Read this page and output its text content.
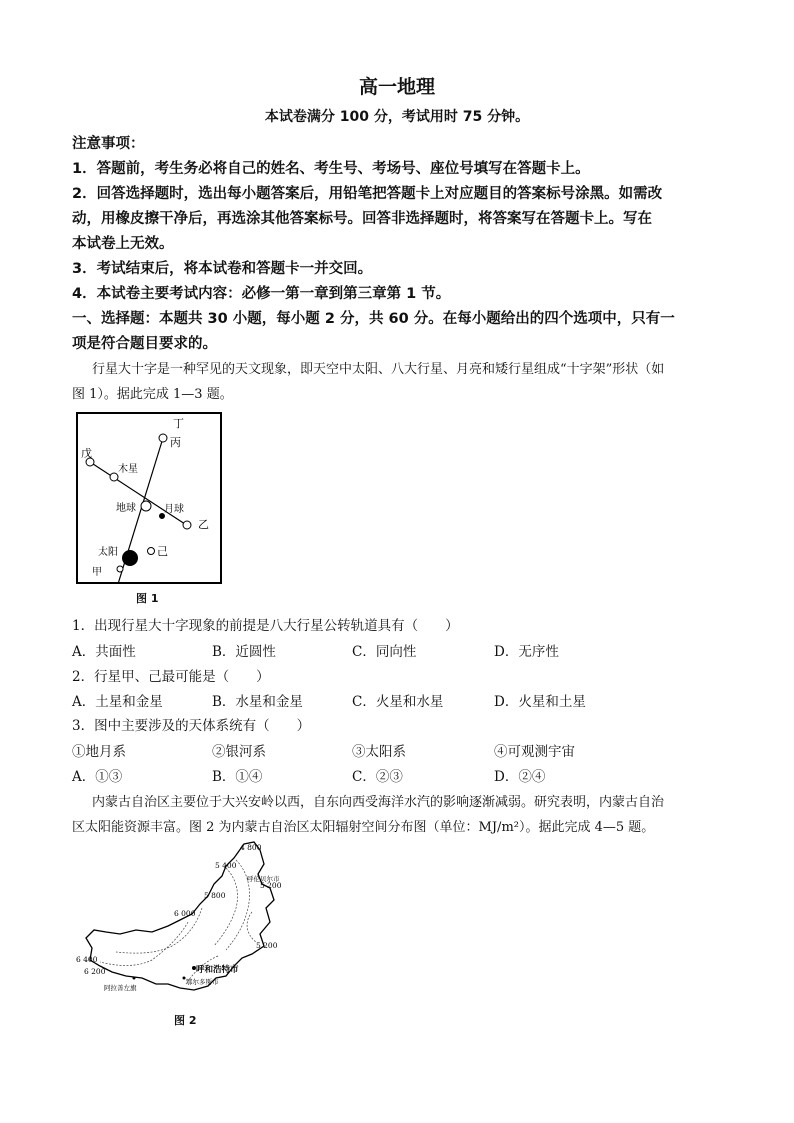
高一地理
本试卷满分 100 分，考试用时 75 分钟。
注意事项：
1．答题前，考生务必将自己的姓名、考生号、考场号、座位号填写在答题卡上。
2．回答选择题时，选出每小题答案后，用铅笔把答题卡上对应题目的答案标号涂黑。如需改
动，用橡皮擦干净后，再选涂其他答案标号。回答非选择题时，将答案写在答题卡上。写在
本试卷上无效。
3．考试结束后，将本试卷和答题卡一并交回。
4．本试卷主要考试内容：必修一第一章到第三章第 1 节。
一、选择题：本题共 30 小题，每小题 2 分，共 60 分。在每小题给出的四个选项中，只有一
项是符合题目要求的。
行星大十字是一种罕见的天文现象，即天空中太阳、八大行星、月亮和矮行星组成“十字架”形状（如
图 1）。据此完成 1—3 题。
丁
丙
戊
木星
地球	月球
乙
太阳	己
甲
图 1
1．出现行星大十字现象的前提是八大行星公转轨道具有（　　）
A．共面性	B．近圆性	C．同向性	D．无序性
2．行星甲、己最可能是（　　）
A．土星和金星	B．水星和金星	C．火星和水星	D．火星和土星
3．图中主要涉及的天体系统有（　　）
①地月系	②银河系	③太阳系	④可观测宇宙
A．①③	B．①④	C．②③	D．②④
内蒙古自治区主要位于大兴安岭以西，自东向西受海洋水汽的影响逐渐减弱。研究表明，内蒙古自治
区太阳能资源丰富。图 2 为内蒙古自治区太阳辐射空间分布图（单位：MJ/m²）。据此完成 4—5 题。
4 800
5 400
5 200
呼伦贝尔市
5 800
6 000
5 200
6 400
6 200	呼和浩特市
鄂尔多斯市
阿拉善左旗
图 2
